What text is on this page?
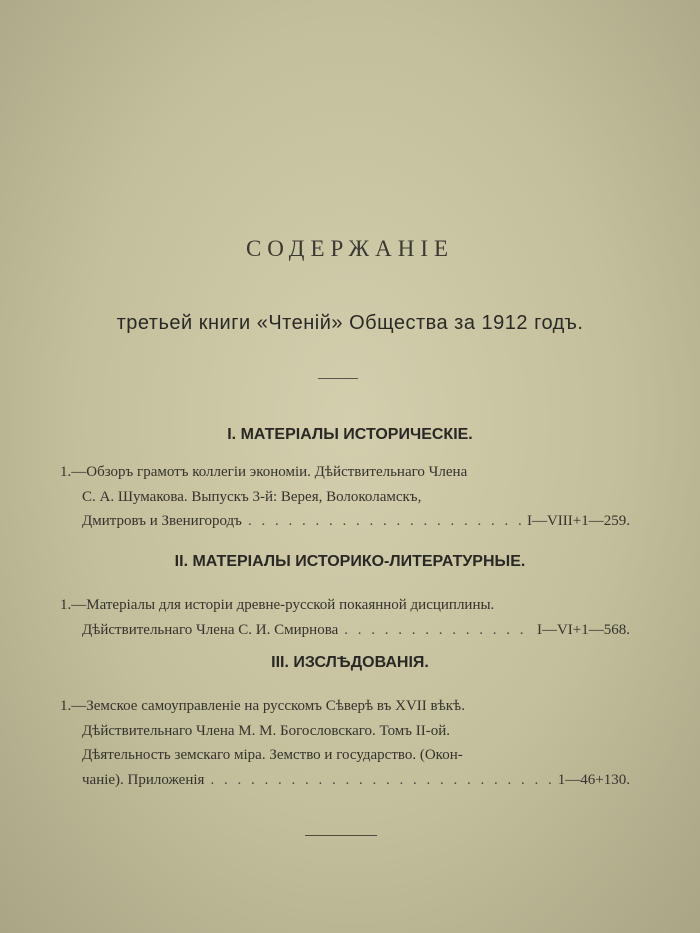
СОДЕРЖАНІЕ
третьей книги «Чтеній» Общества за 1912 годъ.
I. МАТЕРІАЛЫ ИСТОРИЧЕСКІЕ.
1.—Обзоръ грамотъ коллегіи экономіи. Дѣйствительнаго Члена
С. А. Шумакова. Выпускъ 3-й: Верея, Волоколамскъ,
Дмитровъ и Звенигородъ . . .	I—VIII+1—259.
II. МАТЕРІАЛЫ ИСТОРИКО-ЛИТЕРАТУРНЫЕ.
1.—Матеріалы для исторіи древне-русской покаянной дисциплины.
Дѣйствительнаго Члена С. И. Смирнова . . .	I—VI+1—568.
III. ИЗСЛѢДОВАНІЯ.
1.—Земское самоуправленіе на русскомъ Сѣверѣ въ XVII вѣкѣ.
Дѣйствительнаго Члена М. М. Богословскаго. Томъ II-ой.
Дѣятельность земскаго міра. Земство и государство. (Окон-
чаніе). Приложенія . . .	1—46+130.
